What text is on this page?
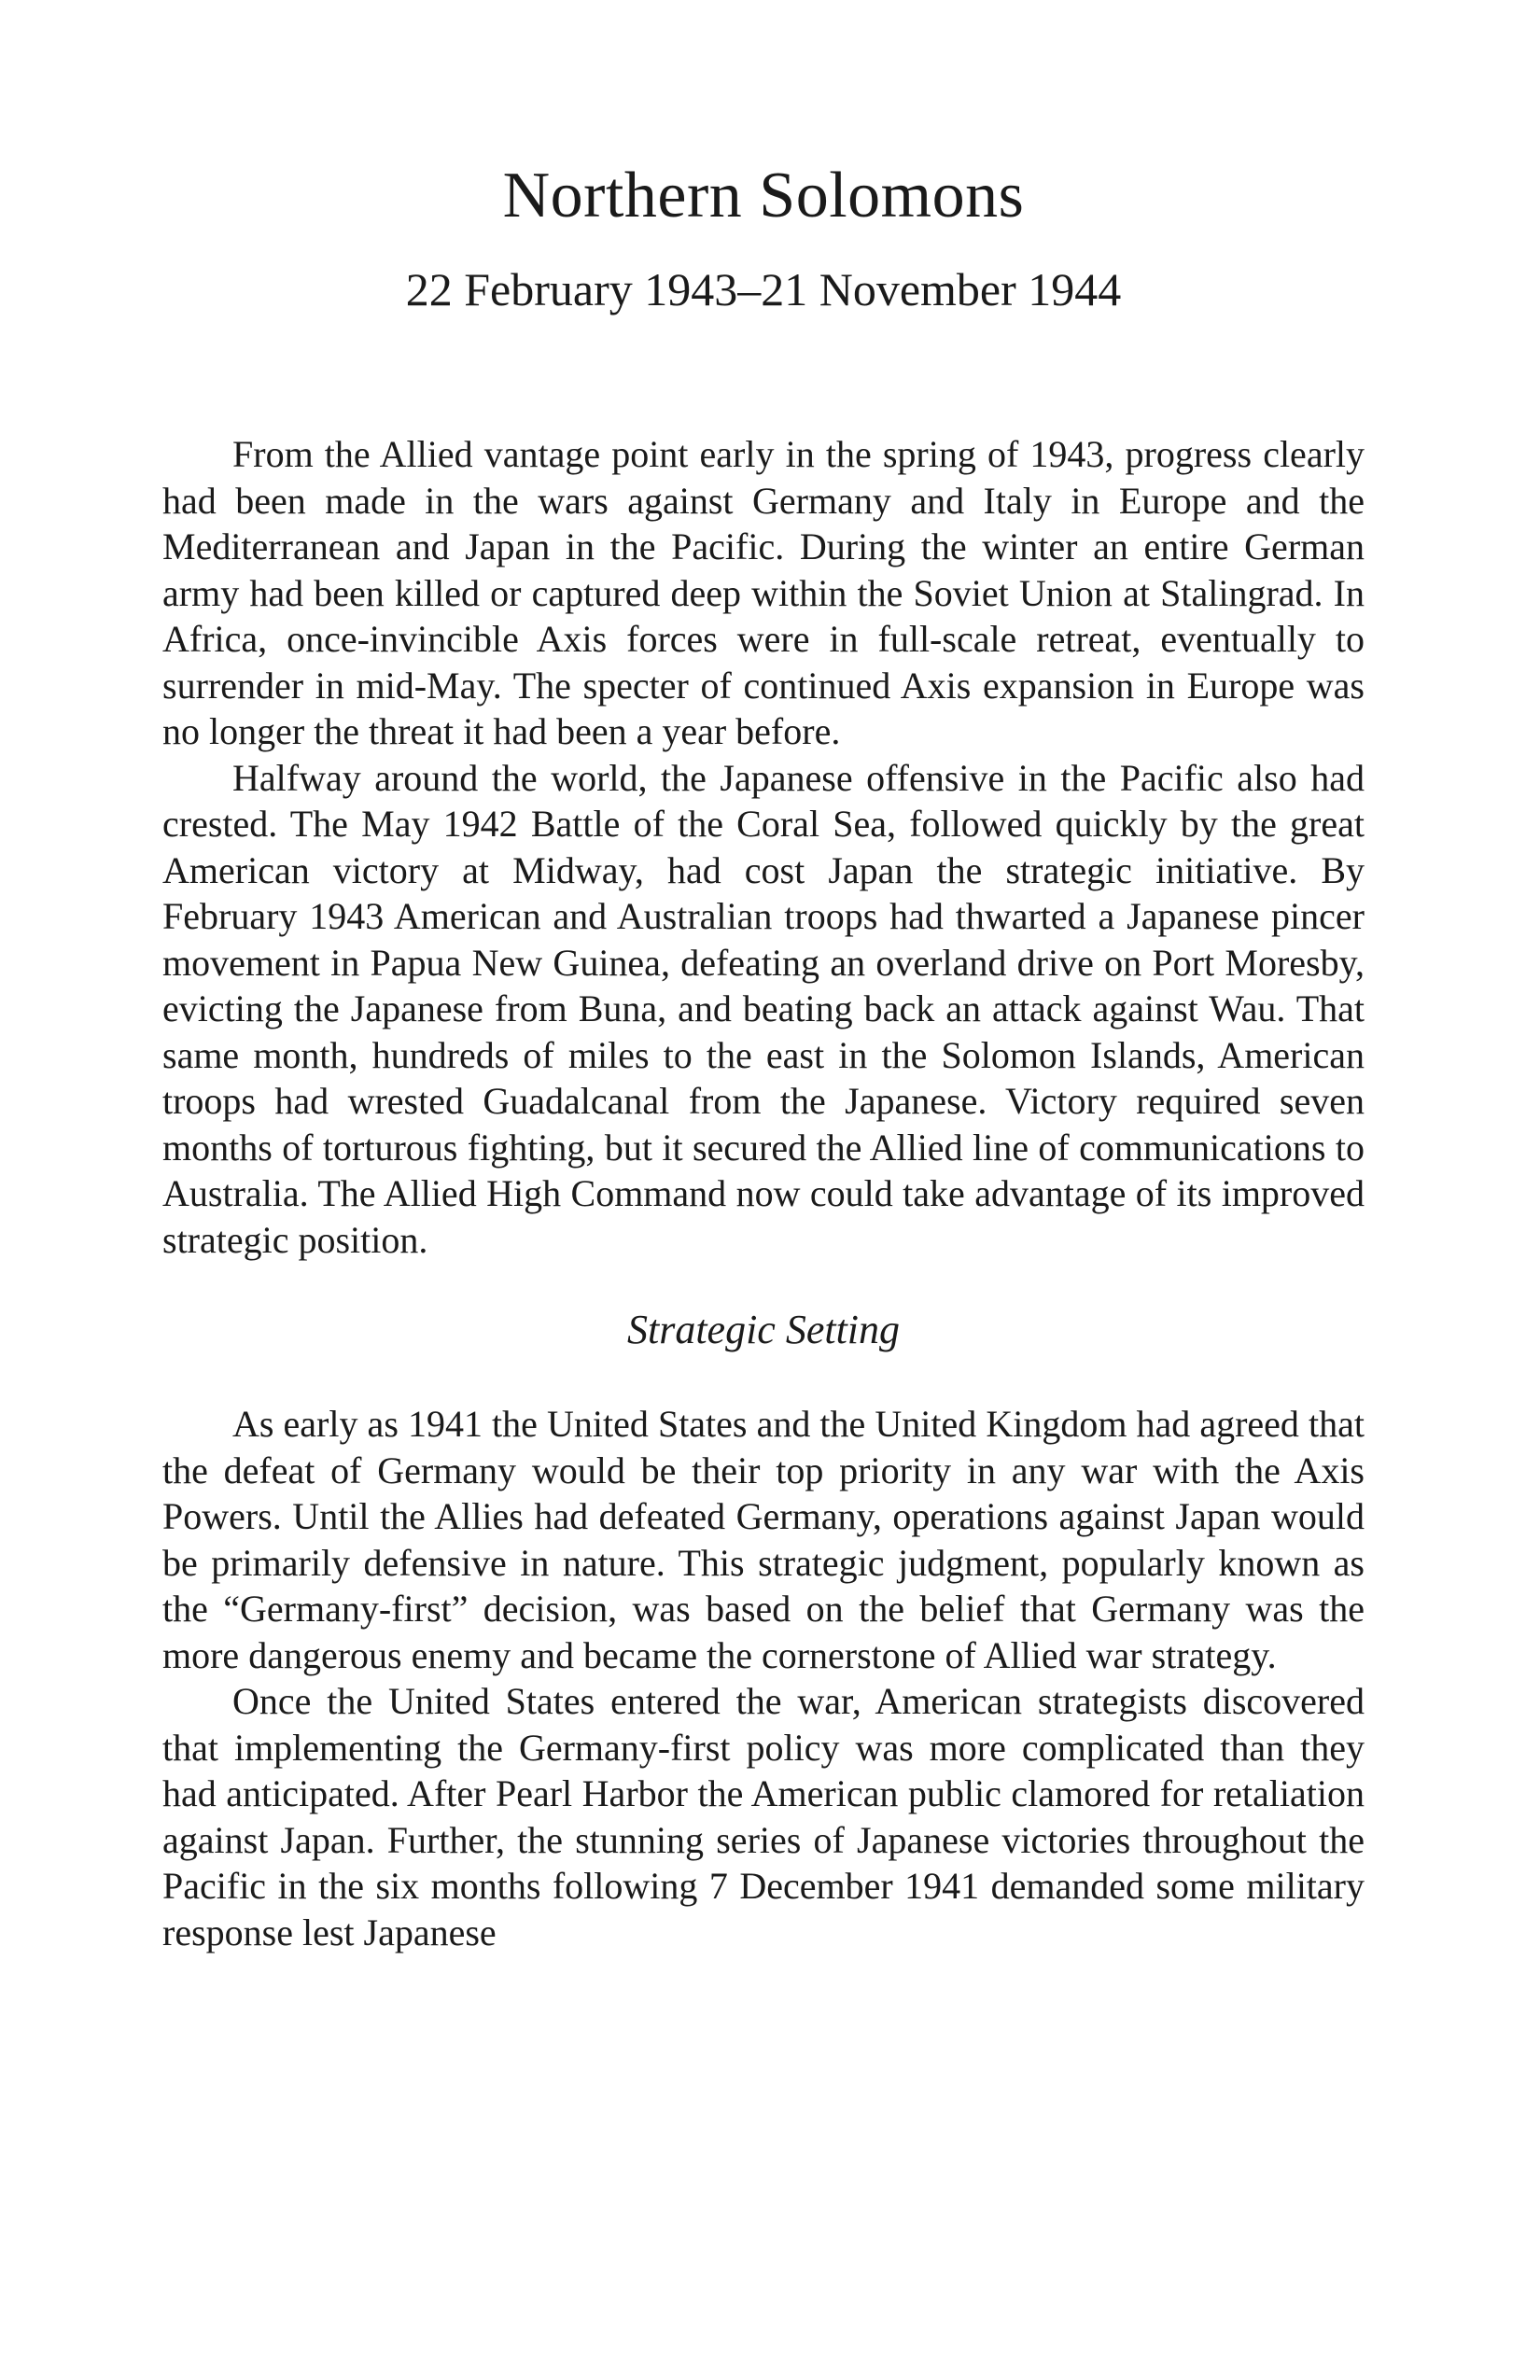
Northern Solomons
22 February 1943–21 November 1944

From the Allied vantage point early in the spring of 1943, progress clearly had been made in the wars against Germany and Italy in Europe and the Mediterranean and Japan in the Pacific. During the winter an entire German army had been killed or captured deep within the Soviet Union at Stalingrad. In Africa, once-invincible Axis forces were in full-scale retreat, eventually to surrender in mid-May. The specter of continued Axis expansion in Europe was no longer the threat it had been a year before.

Halfway around the world, the Japanese offensive in the Pacific also had crested. The May 1942 Battle of the Coral Sea, followed quickly by the great American victory at Midway, had cost Japan the strategic initiative. By February 1943 American and Australian troops had thwarted a Japanese pincer movement in Papua New Guinea, defeating an overland drive on Port Moresby, evicting the Japanese from Buna, and beating back an attack against Wau. That same month, hundreds of miles to the east in the Solomon Islands, American troops had wrested Guadalcanal from the Japanese. Victory required seven months of torturous fighting, but it secured the Allied line of communications to Australia. The Allied High Command now could take advantage of its improved strategic position.

Strategic Setting

As early as 1941 the United States and the United Kingdom had agreed that the defeat of Germany would be their top priority in any war with the Axis Powers. Until the Allies had defeated Germany, operations against Japan would be primarily defensive in nature. This strategic judgment, popularly known as the “Germany-first” decision, was based on the belief that Germany was the more dangerous enemy and became the cornerstone of Allied war strategy.

Once the United States entered the war, American strategists discovered that implementing the Germany-first policy was more complicated than they had anticipated. After Pearl Harbor the American public clamored for retaliation against Japan. Further, the stunning series of Japanese victories throughout the Pacific in the six months following 7 December 1941 demanded some military response lest Japanese
